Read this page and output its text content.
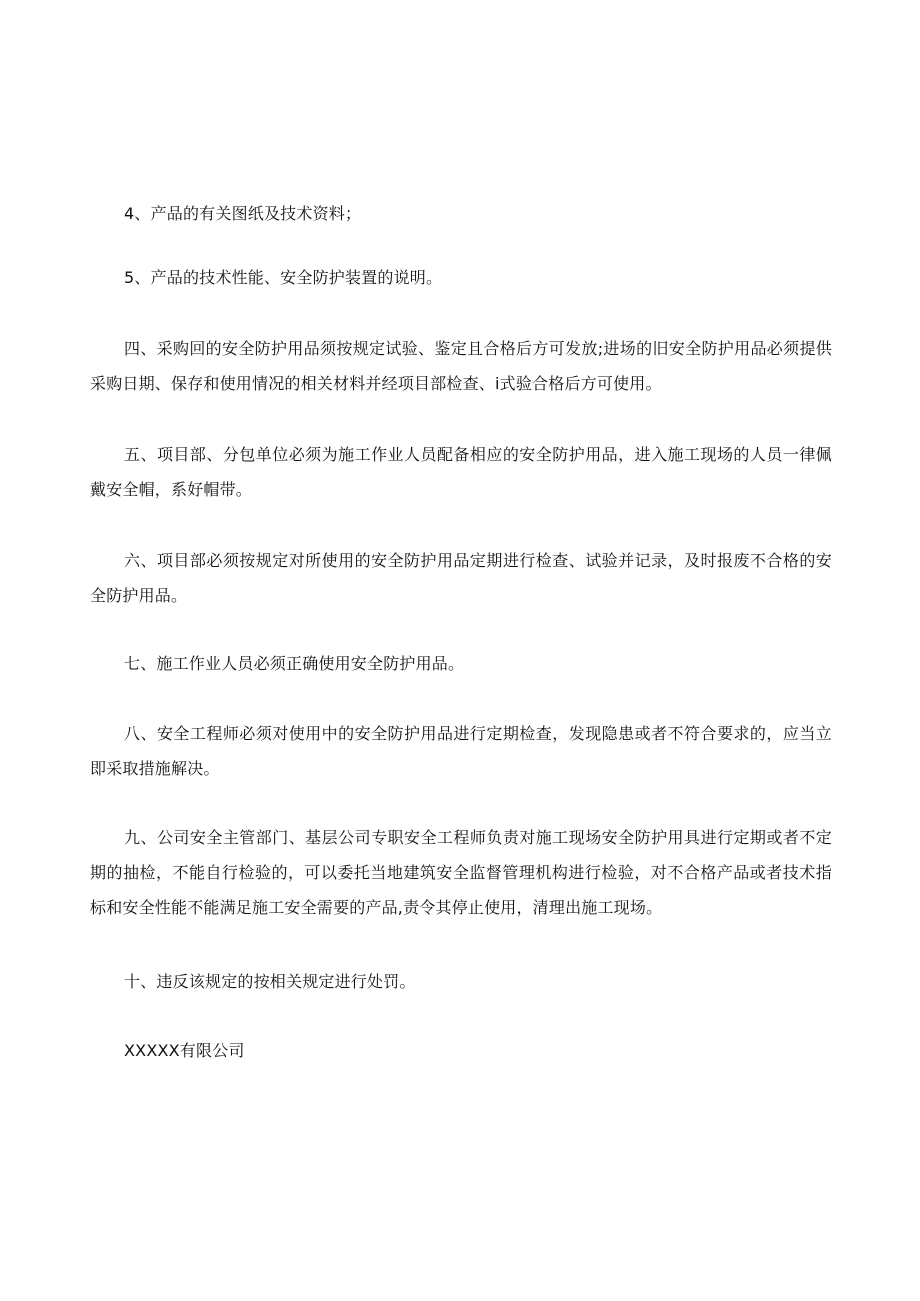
4、产品的有关图纸及技术资料；

5、产品的技术性能、安全防护装置的说明。

四、采购回的安全防护用品须按规定试验、鉴定且合格后方可发放;进场的旧安全防护用品必须提供采购日期、保存和使用情况的相关材料并经项目部检查、i式验合格后方可使用。

五、项目部、分包单位必须为施工作业人员配备相应的安全防护用品，进入施工现场的人员一律佩戴安全帽，系好帽带。

六、项目部必须按规定对所使用的安全防护用品定期进行检查、试验并记录，及时报废不合格的安全防护用品。

七、施工作业人员必须正确使用安全防护用品。

八、安全工程师必须对使用中的安全防护用品进行定期检查，发现隐患或者不符合要求的，应当立即采取措施解决。

九、公司安全主管部门、基层公司专职安全工程师负责对施工现场安全防护用具进行定期或者不定期的抽检，不能自行检验的，可以委托当地建筑安全监督管理机构进行检验，对不合格产品或者技术指标和安全性能不能满足施工安全需要的产品,责令其停止使用，清理出施工现场。

十、违反该规定的按相关规定进行处罚。

XXXXX有限公司
